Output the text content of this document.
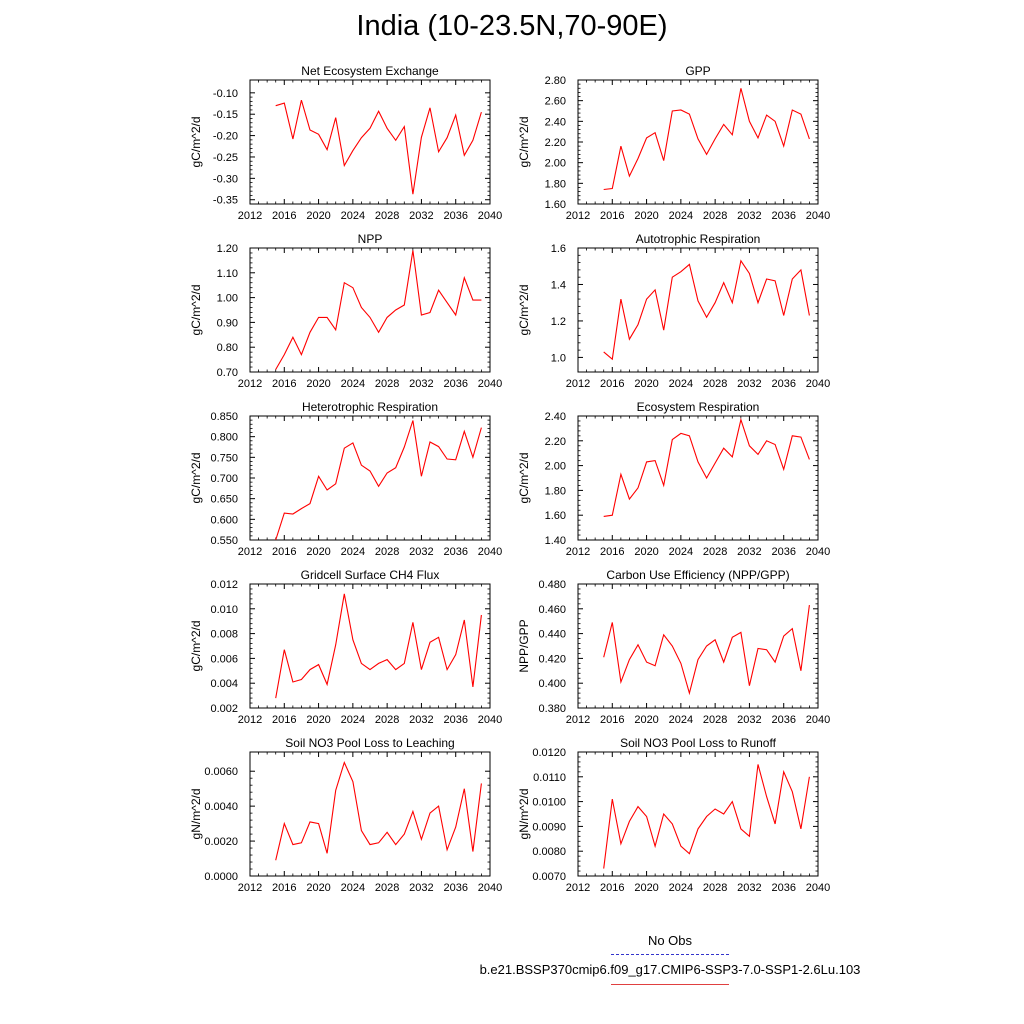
India (10-23.5N,70-90E)
Net Ecosystem Exchange
gC/m^2/d
2012 2016 2020 2024 2028 2032 2036 2040
-0.35
-0.30
-0.25
-0.20
-0.15
-0.10
GPP
gC/m^2/d
2012 2016 2020 2024 2028 2032 2036 2040
1.60
1.80
2.00
2.20
2.40
2.60
2.80
NPP
gC/m^2/d
2012 2016 2020 2024 2028 2032 2036 2040
0.70
0.80
0.90
1.00
1.10
1.20
Autotrophic Respiration
gC/m^2/d
2012 2016 2020 2024 2028 2032 2036 2040
1.0
1.2
1.4
1.6
Heterotrophic Respiration
gC/m^2/d
2012 2016 2020 2024 2028 2032 2036 2040
0.550
0.600
0.650
0.700
0.750
0.800
0.850
Ecosystem Respiration
gC/m^2/d
2012 2016 2020 2024 2028 2032 2036 2040
1.40
1.60
1.80
2.00
2.20
2.40
Gridcell Surface CH4 Flux
gC/m^2/d
2012 2016 2020 2024 2028 2032 2036 2040
0.002
0.004
0.006
0.008
0.010
0.012
Carbon Use Efficiency (NPP/GPP)
NPP/GPP
2012 2016 2020 2024 2028 2032 2036 2040
0.380
0.400
0.420
0.440
0.460
0.480
Soil NO3 Pool Loss to Leaching
gN/m^2/d
2012 2016 2020 2024 2028 2032 2036 2040
0.0000
0.0020
0.0040
0.0060
Soil NO3 Pool Loss to Runoff
gN/m^2/d
2012 2016 2020 2024 2028 2032 2036 2040
0.0070
0.0080
0.0090
0.0100
0.0110
0.0120
No Obs
b.e21.BSSP370cmip6.f09_g17.CMIP6-SSP3-7.0-SSP1-2.6Lu.103
